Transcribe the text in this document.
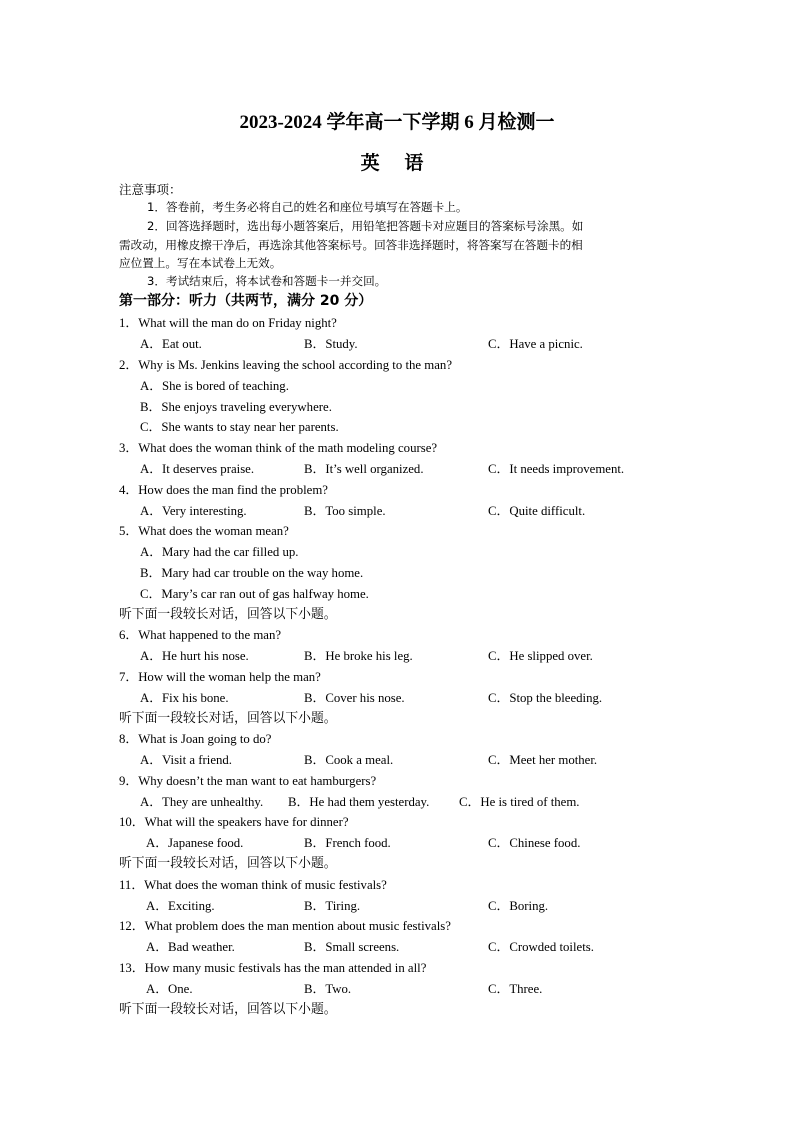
2023-2024 学年高一下学期 6 月检测一
英 语
注意事项：
1．答卷前，考生务必将自己的姓名和座位号填写在答题卡上。
2．回答选择题时，选出每小题答案后，用铅笔把答题卡对应题目的答案标号涂黑。如
需改动，用橡皮擦干净后，再选涂其他答案标号。回答非选择题时，将答案写在答题卡的相
应位置上。写在本试卷上无效。
3．考试结束后，将本试卷和答题卡一并交回。
第一部分：听力（共两节，满分 20 分）
1．What will the man do on Friday night?
A．Eat out.	B．Study.	C．Have a picnic.
2．Why is Ms. Jenkins leaving the school according to the man?
A．She is bored of teaching.
B．She enjoys traveling everywhere.
C．She wants to stay near her parents.
3．What does the woman think of the math modeling course?
A．It deserves praise.	B．It’s well organized.	C．It needs improvement.
4．How does the man find the problem?
A．Very interesting.	B．Too simple.	C．Quite difficult.
5．What does the woman mean?
A．Mary had the car filled up.
B．Mary had car trouble on the way home.
C．Mary’s car ran out of gas halfway home.
听下面一段较长对话，回答以下小题。
6．What happened to the man?
A．He hurt his nose.	B．He broke his leg.	C．He slipped over.
7．How will the woman help the man?
A．Fix his bone.	B．Cover his nose.	C．Stop the bleeding.
听下面一段较长对话，回答以下小题。
8．What is Joan going to do?
A．Visit a friend.	B．Cook a meal.	C．Meet her mother.
9．Why doesn’t the man want to eat hamburgers?
A．They are unhealthy. B．He had them yesterday. C．He is tired of them.
10．What will the speakers have for dinner?
A．Japanese food.	B．French food.	C．Chinese food.
听下面一段较长对话，回答以下小题。
11．What does the woman think of music festivals?
A．Exciting.	B．Tiring.	C．Boring.
12．What problem does the man mention about music festivals?
A．Bad weather.	B．Small screens.	C．Crowded toilets.
13．How many music festivals has the man attended in all?
A．One.	B．Two.	C．Three.
听下面一段较长对话，回答以下小题。
